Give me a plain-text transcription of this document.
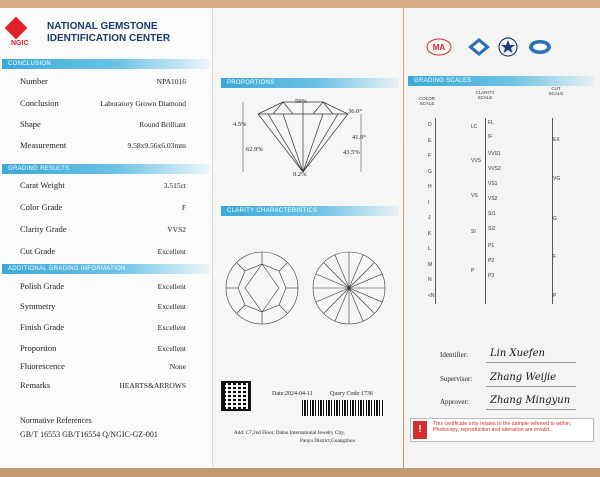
NGIC
NATIONAL GEMSTONE
IDENTIFICATION CENTER
CONCLUSION
GRADING RESULTS
ADDITIONAL GRADING INFORMATION
Number	NPA1016
Conclusion	Laboratory Grown Diamond
Shape	Round Brilliant
Measurement	9.58x9.56x6.03mm
Carat Weight	3.515ct
Color Grade	F
Clarity Grade	VVS2
Cut Grade	Excellent
Polish Grade	Excellent
Symmetry	Excellent
Finish Grade	Excellent
Proportion	Excellent
Fluorescence	None
Remarks	HEARTS&ARROWS
Normative References
GB/T 16553 GB/T16554 Q/NGIC-GZ-001
PROPORTIONS
59%
36.0°
4.5%
41.0°
62.9%	43.5%
0.2%
CLARITY CHARACTERISTICS
Date:2024-04-11	Query Code:1736
Add: C7,2nd Floor, Daluo International Jewelry City,
Panyu District,Guangzhou
MA
GRADING SCALES
COLOR
SCALE
CLARITY
SCALE
CUT
SCALE
D
E
F
G
H
I
J
K
L
M
N
<N
FL
IF
VVS1
VVS2
VS1
VS2
SI1
SI2
P1
P2
P3
LC
VVS
VS
SI
P
EX
VG
G
F
P
Identifier: Lin Xuefen
Supervisor: Zhang Weijie
Approver: Zhang Mingyun
!	This certificate only relates to the sample referred to within. Photocopy, reproduction and alteration are invalid.
